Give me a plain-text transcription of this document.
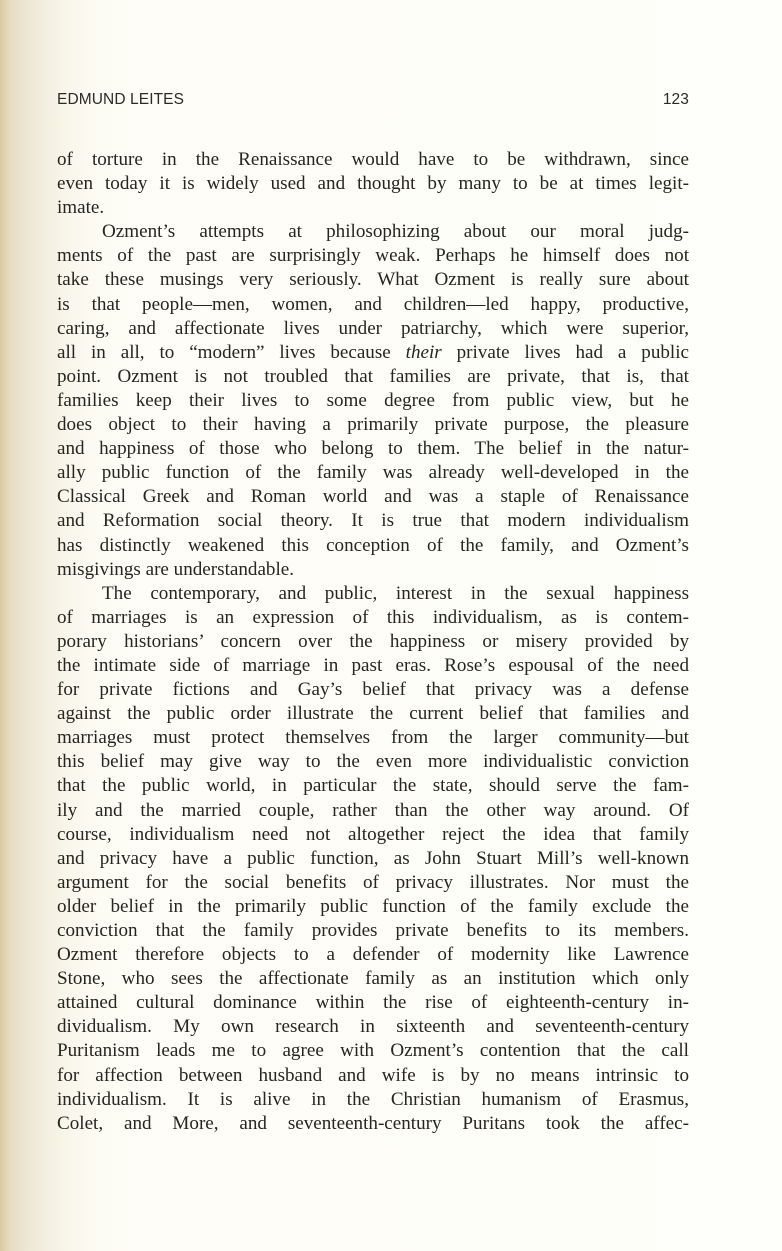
EDMUND LEITES	123
of torture in the Renaissance would have to be withdrawn, since
even today it is widely used and thought by many to be at times legit-
imate.
Ozment’s attempts at philosophizing about our moral judg-
ments of the past are surprisingly weak. Perhaps he himself does not
take these musings very seriously. What Ozment is really sure about
is that people—men, women, and children—led happy, productive,
caring, and affectionate lives under patriarchy, which were superior,
all in all, to “modern” lives because their private lives had a public
point. Ozment is not troubled that families are private, that is, that
families keep their lives to some degree from public view, but he
does object to their having a primarily private purpose, the pleasure
and happiness of those who belong to them. The belief in the natur-
ally public function of the family was already well-developed in the
Classical Greek and Roman world and was a staple of Renaissance
and Reformation social theory. It is true that modern individualism
has distinctly weakened this conception of the family, and Ozment’s
misgivings are understandable.
The contemporary, and public, interest in the sexual happiness
of marriages is an expression of this individualism, as is contem-
porary historians’ concern over the happiness or misery provided by
the intimate side of marriage in past eras. Rose’s espousal of the need
for private fictions and Gay’s belief that privacy was a defense
against the public order illustrate the current belief that families and
marriages must protect themselves from the larger community—but
this belief may give way to the even more individualistic conviction
that the public world, in particular the state, should serve the fam-
ily and the married couple, rather than the other way around. Of
course, individualism need not altogether reject the idea that family
and privacy have a public function, as John Stuart Mill’s well-known
argument for the social benefits of privacy illustrates. Nor must the
older belief in the primarily public function of the family exclude the
conviction that the family provides private benefits to its members.
Ozment therefore objects to a defender of modernity like Lawrence
Stone, who sees the affectionate family as an institution which only
attained cultural dominance within the rise of eighteenth-century in-
dividualism. My own research in sixteenth and seventeenth-century
Puritanism leads me to agree with Ozment’s contention that the call
for affection between husband and wife is by no means intrinsic to
individualism. It is alive in the Christian humanism of Erasmus,
Colet, and More, and seventeenth-century Puritans took the affec-
